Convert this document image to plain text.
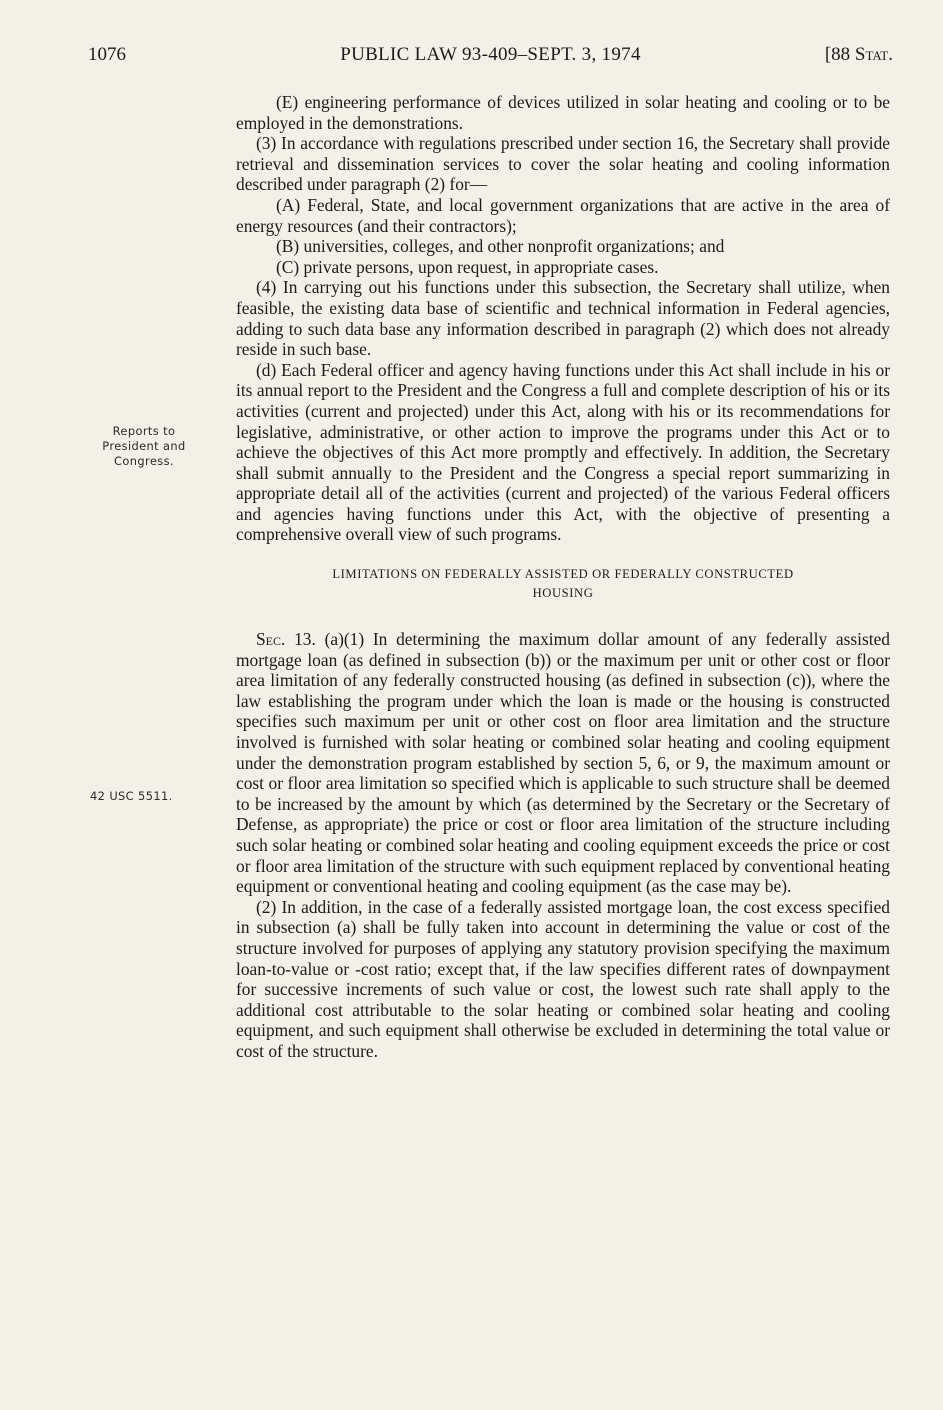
1076	PUBLIC LAW 93-409–SEPT. 3, 1974	[88 Stat.
Reports to
President and
Congress.
42 USC 5511.

(E) engineering performance of devices utilized in solar heating and cooling or to be employed in the demonstrations.

(3) In accordance with regulations prescribed under section 16, the Secretary shall provide retrieval and dissemination services to cover the solar heating and cooling information described under paragraph (2) for—

(A) Federal, State, and local government organizations that are active in the area of energy resources (and their contractors);

(B) universities, colleges, and other nonprofit organizations; and

(C) private persons, upon request, in appropriate cases.

(4) In carrying out his functions under this subsection, the Secretary shall utilize, when feasible, the existing data base of scientific and technical information in Federal agencies, adding to such data base any information described in paragraph (2) which does not already reside in such base.

(d) Each Federal officer and agency having functions under this Act shall include in his or its annual report to the President and the Congress a full and complete description of his or its activities (current and projected) under this Act, along with his or its recommendations for legislative, administrative, or other action to improve the programs under this Act or to achieve the objectives of this Act more promptly and effectively. In addition, the Secretary shall submit annually to the President and the Congress a special report summarizing in appropriate detail all of the activities (current and projected) of the various Federal officers and agencies having functions under this Act, with the objective of presenting a comprehensive overall view of such programs.

LIMITATIONS ON FEDERALLY ASSISTED OR FEDERALLY CONSTRUCTED
HOUSING

Sec. 13. (a)(1) In determining the maximum dollar amount of any federally assisted mortgage loan (as defined in subsection (b)) or the maximum per unit or other cost or floor area limitation of any federally constructed housing (as defined in subsection (c)), where the law establishing the program under which the loan is made or the housing is constructed specifies such maximum per unit or other cost on floor area limitation and the structure involved is furnished with solar heating or combined solar heating and cooling equipment under the demonstration program established by section 5, 6, or 9, the maximum amount or cost or floor area limitation so specified which is applicable to such structure shall be deemed to be increased by the amount by which (as determined by the Secretary or the Secretary of Defense, as appropriate) the price or cost or floor area limitation of the structure including such solar heating or combined solar heating and cooling equipment exceeds the price or cost or floor area limitation of the structure with such equipment replaced by conventional heating equipment or conventional heating and cooling equipment (as the case may be).

(2) In addition, in the case of a federally assisted mortgage loan, the cost excess specified in subsection (a) shall be fully taken into account in determining the value or cost of the structure involved for purposes of applying any statutory provision specifying the maximum loan-to-value or -cost ratio; except that, if the law specifies different rates of downpayment for successive increments of such value or cost, the lowest such rate shall apply to the additional cost attributable to the solar heating or combined solar heating and cooling equipment, and such equipment shall otherwise be excluded in determining the total value or cost of the structure.
